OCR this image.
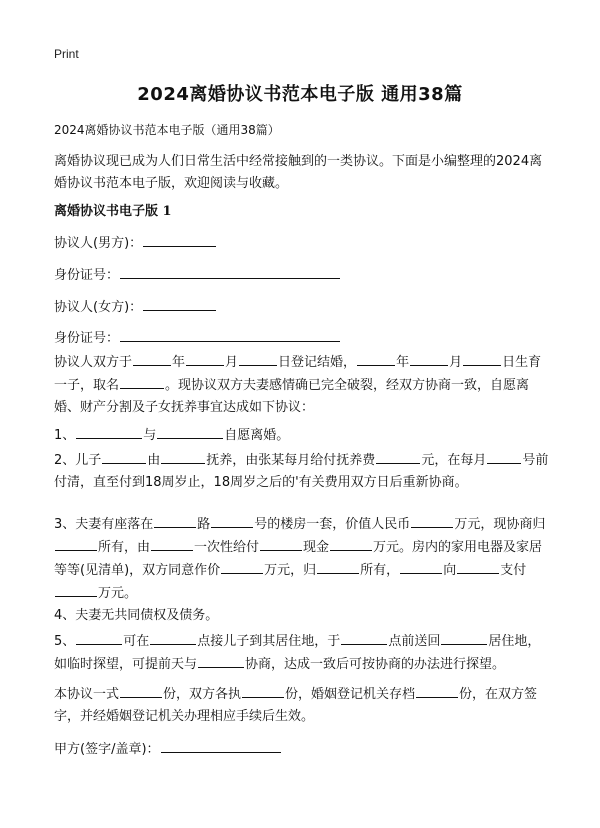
Print
2024离婚协议书范本电子版 通用38篇
2024离婚协议书范本电子版（通用38篇）
离婚协议现已成为人们日常生活中经常接触到的一类协议。下面是小编整理的2024离婚协议书范本电子版，欢迎阅读与收藏。
离婚协议书电子版 1
协议人(男方)：
身份证号：
协议人(女方)：
身份证号：
协议人双方于	年	月	日登记结婚，	年	月	日生育一子，取名	。现协议双方夫妻感情确已完全破裂，经双方协商一致，自愿离婚、财产分割及子女抚养事宜达成如下协议：
1、	与	自愿离婚。
2、儿子	由	抚养，由张某每月给付抚养费	元，在每月	号前付清，直至付到18周岁止，18周岁之后的'有关费用双方日后重新协商。
3、夫妻有座落在	路	号的楼房一套，价值人民币	万元，现协商归所有，由	一次性给付	现金	万元。房内的家用电器及家居等等(见清单)，双方同意作价	万元，归	所有，	向	支付万元。
4、夫妻无共同债权及债务。
5、	可在	点接儿子到其居住地，于	点前送回	居住地，如临时探望，可提前天与	协商，达成一致后可按协商的办法进行探望。
本协议一式	份，双方各执	份，婚姻登记机关存档	份，在双方签字，并经婚姻登记机关办理相应手续后生效。
甲方(签字/盖章)：
